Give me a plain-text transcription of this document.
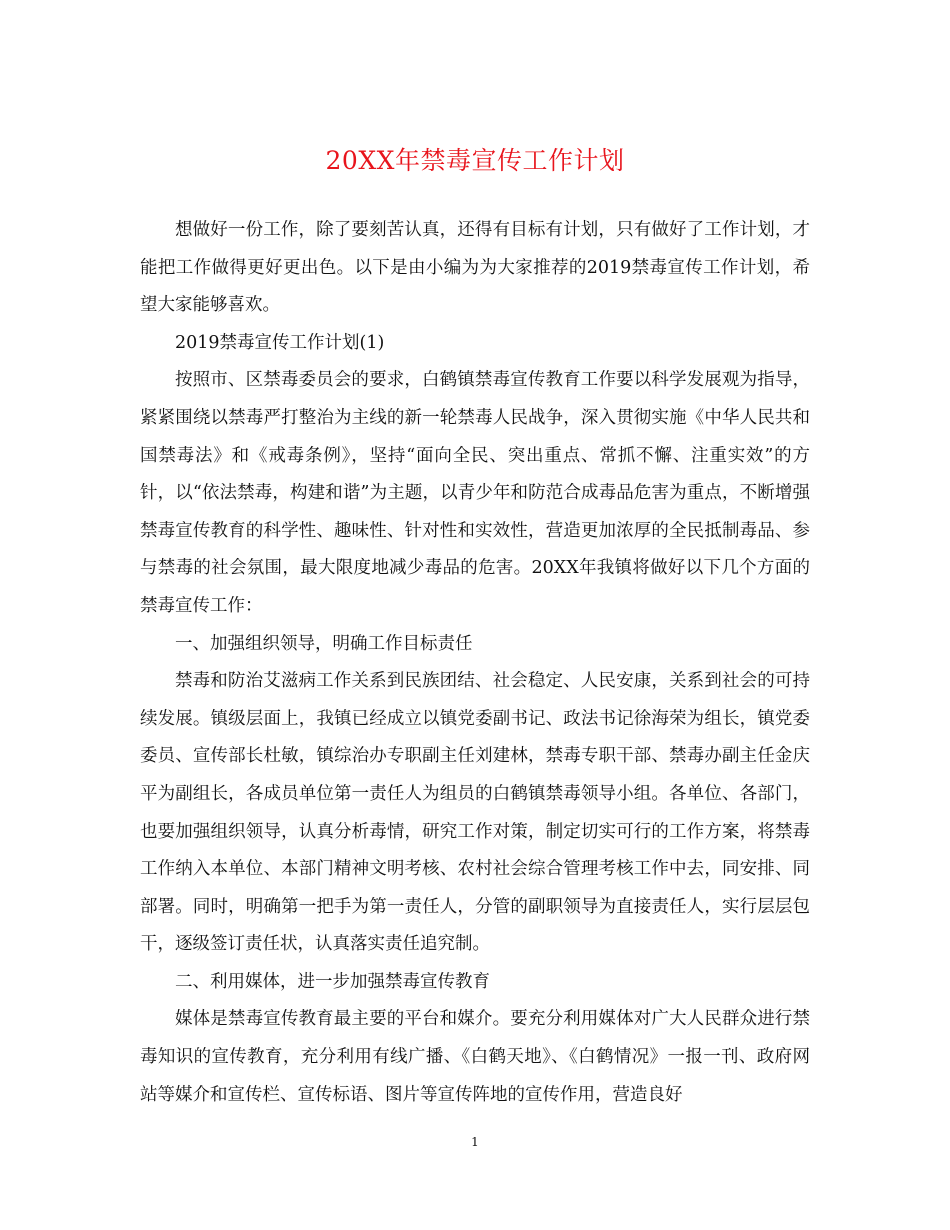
20XX年禁毒宣传工作计划

想做好一份工作，除了要刻苦认真，还得有目标有计划，只有做好了工作计划，才能把工作做得更好更出色。以下是由小编为为大家推荐的2019禁毒宣传工作计划，希望大家能够喜欢。

2019禁毒宣传工作计划(1)

按照市、区禁毒委员会的要求，白鹤镇禁毒宣传教育工作要以科学发展观为指导，紧紧围绕以禁毒严打整治为主线的新一轮禁毒人民战争，深入贯彻实施《中华人民共和国禁毒法》和《戒毒条例》，坚持“面向全民、突出重点、常抓不懈、注重实效”的方针，以“依法禁毒，构建和谐”为主题，以青少年和防范合成毒品危害为重点，不断增强禁毒宣传教育的科学性、趣味性、针对性和实效性，营造更加浓厚的全民抵制毒品、参与禁毒的社会氛围，最大限度地减少毒品的危害。20XX年我镇将做好以下几个方面的禁毒宣传工作：

一、加强组织领导，明确工作目标责任

禁毒和防治艾滋病工作关系到民族团结、社会稳定、人民安康，关系到社会的可持续发展。镇级层面上，我镇已经成立以镇党委副书记、政法书记徐海荣为组长，镇党委委员、宣传部长杜敏，镇综治办专职副主任刘建林，禁毒专职干部、禁毒办副主任金庆平为副组长，各成员单位第一责任人为组员的白鹤镇禁毒领导小组。各单位、各部门，也要加强组织领导，认真分析毒情，研究工作对策，制定切实可行的工作方案，将禁毒工作纳入本单位、本部门精神文明考核、农村社会综合管理考核工作中去，同安排、同部署。同时，明确第一把手为第一责任人，分管的副职领导为直接责任人，实行层层包干，逐级签订责任状，认真落实责任追究制。

二、利用媒体，进一步加强禁毒宣传教育

媒体是禁毒宣传教育最主要的平台和媒介。要充分利用媒体对广大人民群众进行禁毒知识的宣传教育，充分利用有线广播、《白鹤天地》、《白鹤情况》一报一刊、政府网站等媒介和宣传栏、宣传标语、图片等宣传阵地的宣传作用，营造良好

1
